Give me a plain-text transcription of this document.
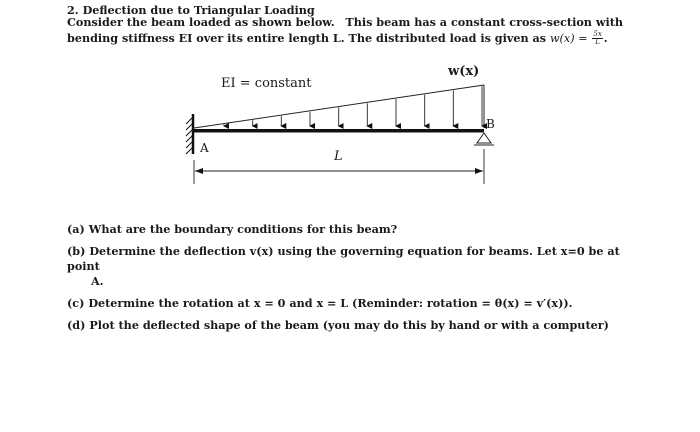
2. Deflection due to Triangular Loading
Consider the beam loaded as shown below. This beam has a constant cross-section with
bending stiffness EI over its entire length L. The distributed load is given as $w(x) = \frac{5x}{L}$ .
EI = constant
w(x)
A
B
L
(a) What are the boundary conditions for this beam?
(b) Determine the deflection v(x) using the governing equation for beams. Let x=0 be at point
A.
(c) Determine the rotation at x = 0 and x = L (Reminder: rotation = θ(x) = v′(x)).
(d) Plot the deflected shape of the beam (you may do this by hand or with a computer)
